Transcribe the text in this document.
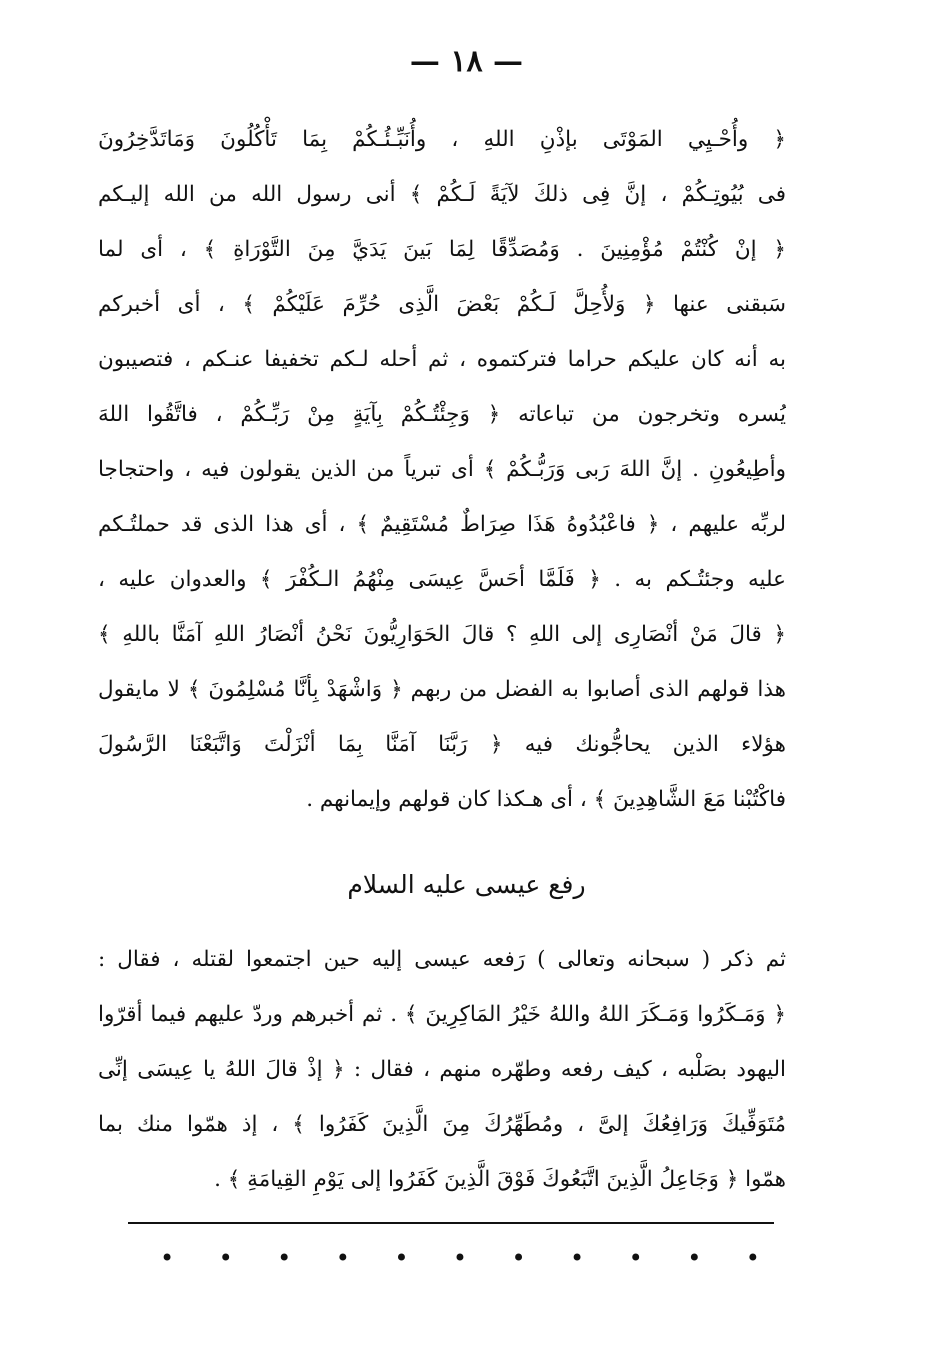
— ١٨ —
﴿ وأُحْـيِي المَوْتَى بإذْنِ اللهِ ، وأُنَبِّـئُـكُمْ بِمَا تَأْكُلُونَ وَمَاتَدَّخِرُونَ
فى بُيُوتِـكُمْ ، إنَّ فِى ذلكَ لآيَةً لَـكُمْ ﴾ أنى رسول الله من الله إليـكم
﴿ إنْ كُنْتُمْ مُؤْمِنِينَ . وَمُصَدِّقًا لِمَا بَينَ يَدَيَّ مِنَ التَّوْرَاةِ ﴾ ، أى لما
سَبقنى عنها ﴿ وَلأُحِلَّ لَـكُمْ بَعْضَ الَّذِى حُرِّمَ عَلَيْكُمْ ﴾ ، أى أخبركم
به أنه كان عليكم حراما فتركتموه ، ثم أحله لـكم تخفيفا عنـكم ، فتصيبون
يُسره وتخرجون من تباعاته ﴿ وَجِئْتُـكُمْ بِآيَةٍ مِنْ رَبِّـكُمْ ، فاتَّقُوا اللهَ
وأطِيعُونِ . إنَّ اللهَ رَبى وَرَبُّـكُمْ ﴾ أى تبرياً من الذين يقولون فيه ، واحتجاجا
لربِّه عليهم ، ﴿ فاعْبُدُوهُ هَذَا صِرَاطٌ مُسْتَقِيمٌ ﴾ ، أى هذا الذى قد حملتُـكم
عليه وجئتُـكم به . ﴿ فَلَمَّا أحَسَّ عِيسَى مِنْهُمُ الـكُفْرَ ﴾ والعدوان عليه ،
﴿ قالَ مَنْ أنْصَارِى إلى اللهِ ؟ قالَ الحَوَارِيُّونَ نَحْنُ أنْصَارُ اللهِ آمَنَّا باللهِ ﴾
هذا قولهم الذى أصابوا به الفضل من ربهم ﴿ وَاشْهَدْ بِأنَّا مُسْلِمُونَ ﴾ لا مايقول
هؤلاء الذين يحاجُّونك فيه ﴿ رَبَّنَا آمَنَّا بِمَا أنْزَلْتَ وَاتَّبَعْنَا الرَّسُولَ
فاكْتُبْنا مَعَ الشَّاهِدِينَ ﴾ ، أى هـكذا كان قولهم وإيمانهم .
رفع عيسى عليه السلام
ثم ذكر ( سبحانه وتعالى ) رَفعه عيسى إليه حين اجتمعوا لقتله ، فقال :
﴿ وَمَـكَرُوا وَمَـكَرَ اللهُ واللهُ خَيْرُ المَاكِرِينَ ﴾ . ثم أخبرهم وردّ عليهم فيما أقرّوا
اليهود بصَلْبه ، كيف رفعه وطهّره منهم ، فقال : ﴿ إذْ قالَ اللهُ يا عِيسَى إنِّى
مُتَوَفِّيكَ وَرَافِعُكَ إلىَّ ، ومُطَهِّرُكَ مِنَ الَّذِينَ كَفَرُوا ﴾ ، إذ همّوا منك بما
همّوا ﴿ وَجَاعِلُ الَّذِينَ اتَّبَعُوكَ فَوْقَ الَّذِينَ كَفَرُوا إلى يَوْمِ القِيامَةِ ﴾ .
• • • • • • • • • • •
